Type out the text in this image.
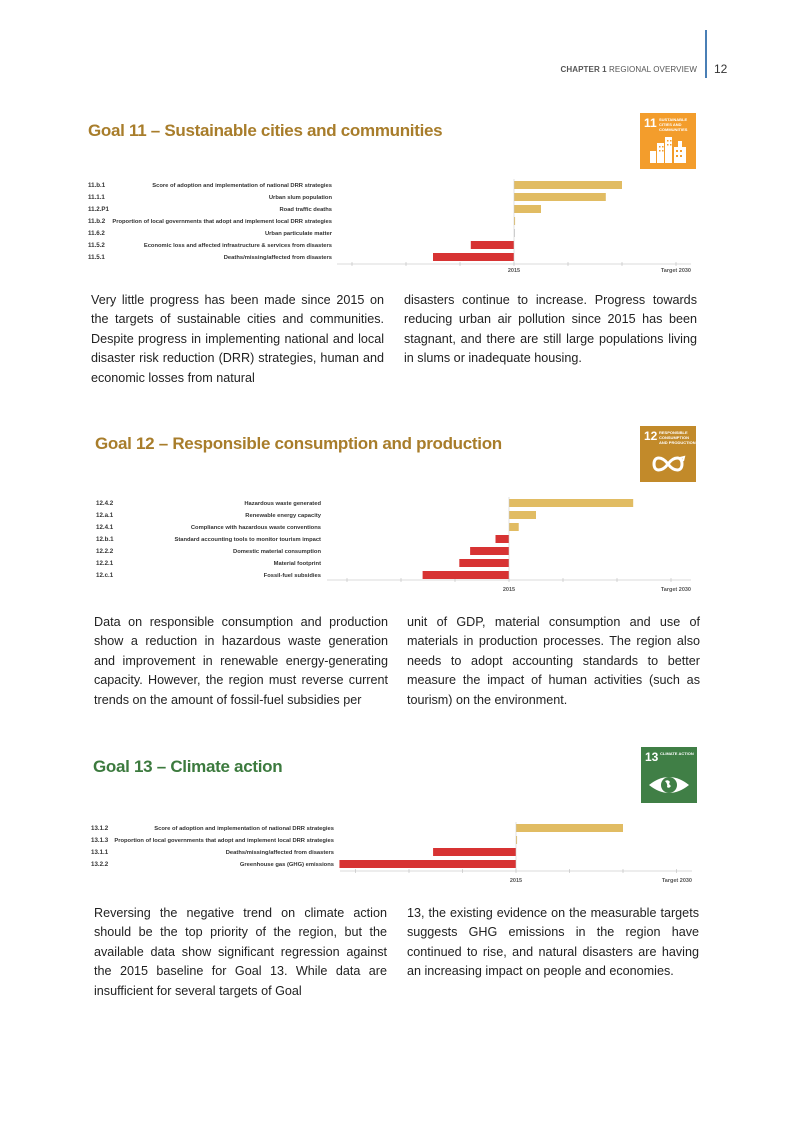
CHAPTER 1 REGIONAL OVERVIEW 12
Goal 11 – Sustainable cities and communities	11 SUSTAINABLE CITIES AND COMMUNITIES
2015	Target 2030
11.b.1	Score of adoption and implementation of national DRR strategies
11.1.1	Urban slum population
11.2.P1	Road traffic deaths
11.b.2 Proportion of local governments that adopt and implement local DRR strategies
11.6.2	Urban particulate matter
11.5.2	Economic loss and affected infrastructure & services from disasters
11.5.1	Deaths/missing/affected from disasters
Very little progress has been made since 2015 on the targets of sustainable cities and communities. Despite progress in implementing national and local disaster risk reduction (DRR) strategies, human and economic losses from natural
disasters continue to increase. Progress towards reducing urban air pollution since 2015 has been stagnant, and there are still large populations living in slums or inadequate housing.
Goal 12 – Responsible consumption and production	12 RESPONSIBLE CONSUMPTION AND PRODUCTION
2015	Target 2030
12.4.2	Hazardous waste generated
12.a.1	Renewable energy capacity
12.4.1	Compliance with hazardous waste conventions
12.b.1	Standard accounting tools to monitor tourism impact
12.2.2	Domestic material consumption
12.2.1	Material footprint
12.c.1	Fossil-fuel subsidies
Data on responsible consumption and production show a reduction in hazardous waste generation and improvement in renewable energy-generating capacity. However, the region must reverse current trends on the amount of fossil-fuel subsidies per
unit of GDP, material consumption and use of materials in production processes. The region also needs to adopt accounting standards to better measure the impact of human activities (such as tourism) on the environment.
Goal 13 – Climate action	13 CLIMATE ACTION
2015	Target 2030
13.1.2	Score of adoption and implementation of national DRR strategies
13.1.3 Proportion of local governments that adopt and implement local DRR strategies
13.1.1	Deaths/missing/affected from disasters
13.2.2	Greenhouse gas (GHG) emissions
Reversing the negative trend on climate action should be the top priority of the region, but the available data show significant regression against the 2015 baseline for Goal 13. While data are insufficient for several targets of Goal
13, the existing evidence on the measurable targets suggests GHG emissions in the region have continued to rise, and natural disasters are having an increasing impact on people and economies.
